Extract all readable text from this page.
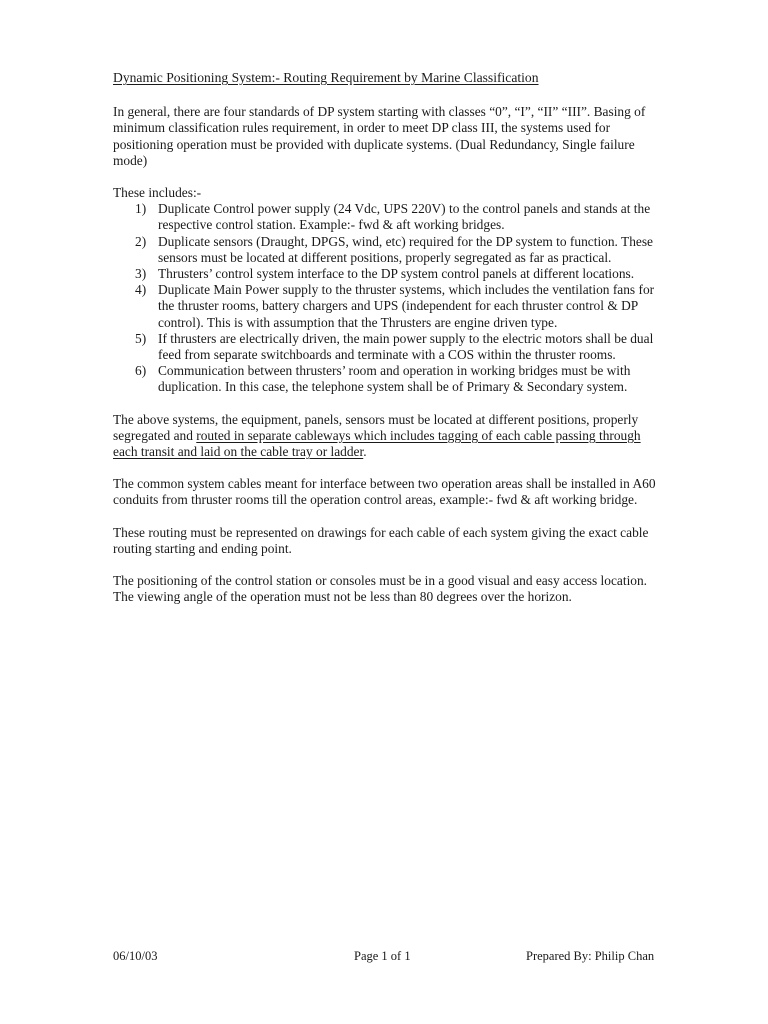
Dynamic Positioning System:- Routing Requirement by Marine Classification

In general, there are four standards of DP system starting with classes “0”, “I”, “II” “III”. Basing of minimum classification rules requirement, in order to meet DP class III, the systems used for positioning operation must be provided with duplicate systems. (Dual Redundancy, Single failure mode)

These includes:-

1) Duplicate Control power supply (24 Vdc, UPS 220V) to the control panels and stands at the respective control station. Example:- fwd & aft working bridges.
2) Duplicate sensors (Draught, DPGS, wind, etc) required for the DP system to function. These sensors must be located at different positions, properly segregated as far as practical.
3) Thrusters’ control system interface to the DP system control panels at different locations.
4) Duplicate Main Power supply to the thruster systems, which includes the ventilation fans for the thruster rooms, battery chargers and UPS (independent for each thruster control & DP control). This is with assumption that the Thrusters are engine driven type.
5) If thrusters are electrically driven, the main power supply to the electric motors shall be dual feed from separate switchboards and terminate with a COS within the thruster rooms.
6) Communication between thrusters’ room and operation in working bridges must be with duplication. In this case, the telephone system shall be of Primary & Secondary system.

The above systems, the equipment, panels, sensors must be located at different positions, properly segregated and routed in separate cableways which includes tagging of each cable passing through each transit and laid on the cable tray or ladder.

The common system cables meant for interface between two operation areas shall be installed in A60 conduits from thruster rooms till the operation control areas, example:- fwd & aft working bridge.

These routing must be represented on drawings for each cable of each system giving the exact cable routing starting and ending point.

The positioning of the control station or consoles must be in a good visual and easy access location. The viewing angle of the operation must not be less than 80 degrees over the horizon.

06/10/03	Page 1 of 1	Prepared By: Philip Chan
